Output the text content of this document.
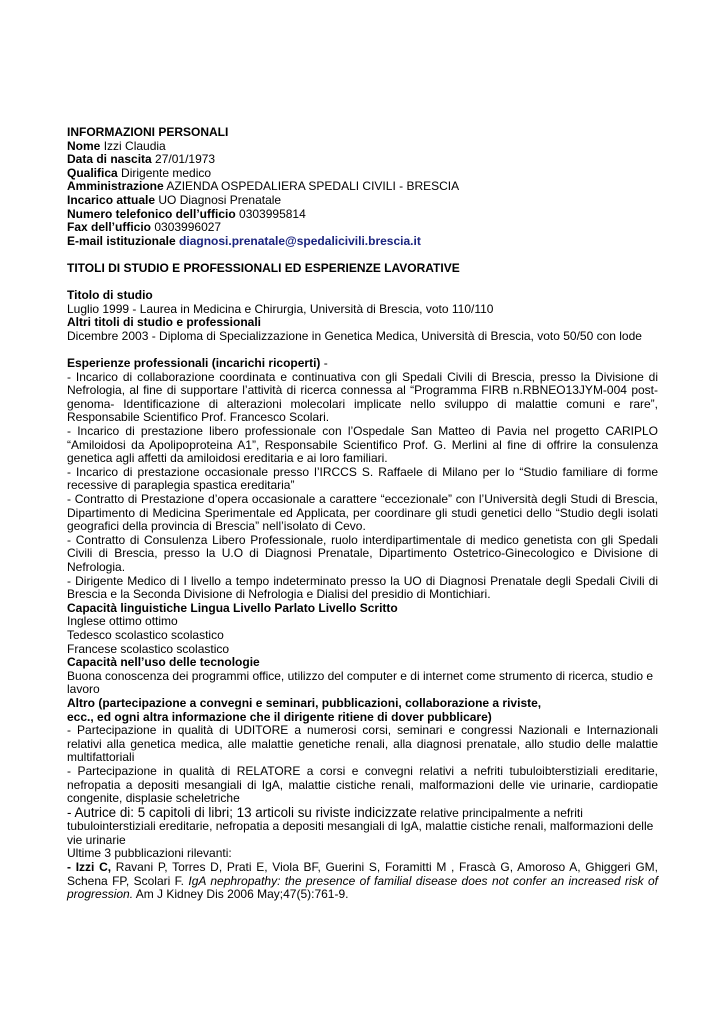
INFORMAZIONI PERSONALI

Nome Izzi Claudia

Data di nascita 27/01/1973

Qualifica Dirigente medico

Amministrazione AZIENDA OSPEDALIERA SPEDALI CIVILI - BRESCIA

Incarico attuale UO Diagnosi Prenatale

Numero telefonico dell’ufficio 0303995814

Fax dell’ufficio 0303996027

E-mail istituzionale diagnosi.prenatale@spedalicivili.brescia.it

TITOLI DI STUDIO E PROFESSIONALI ED ESPERIENZE LAVORATIVE

Titolo di studio

Luglio 1999 - Laurea in Medicina e Chirurgia, Università di Brescia, voto 110/110

Altri titoli di studio e professionali

Dicembre 2003 - Diploma di Specializzazione in Genetica Medica, Università di Brescia, voto 50/50 con lode

Esperienze professionali (incarichi ricoperti) -

- Incarico di collaborazione coordinata e continuativa con gli Spedali Civili di Brescia, presso la Divisione di Nefrologia, al fine di supportare l’attività di ricerca connessa al “Programma FIRB n.RBNEO13JYM-004 post-genoma- Identificazione di alterazioni molecolari implicate nello sviluppo di malattie comuni e rare”, Responsabile Scientifico Prof. Francesco Scolari.

- Incarico di prestazione libero professionale con l’Ospedale San Matteo di Pavia nel progetto CARIPLO “Amiloidosi da Apolipoproteina A1”, Responsabile Scientifico Prof. G. Merlini al fine di offrire la consulenza genetica agli affetti da amiloidosi ereditaria e ai loro familiari.

- Incarico di prestazione occasionale presso l’IRCCS S. Raffaele di Milano per lo “Studio familiare di forme recessive di paraplegia spastica ereditaria”

- Contratto di Prestazione d’opera occasionale a carattere “eccezionale” con l’Università degli Studi di Brescia, Dipartimento di Medicina Sperimentale ed Applicata, per coordinare gli studi genetici dello “Studio degli isolati geografici della provincia di Brescia” nell’isolato di Cevo.

- Contratto di Consulenza Libero Professionale, ruolo interdipartimentale di medico genetista con gli Spedali Civili di Brescia, presso la U.O di Diagnosi Prenatale, Dipartimento Ostetrico-Ginecologico e Divisione di Nefrologia.

- Dirigente Medico di I livello a tempo indeterminato presso la UO di Diagnosi Prenatale degli Spedali Civili di Brescia e la Seconda Divisione di Nefrologia e Dialisi del presidio di Montichiari.

Capacità linguistiche Lingua Livello Parlato Livello Scritto

Inglese ottimo ottimo

Tedesco scolastico scolastico

Francese scolastico scolastico

Capacità nell’uso delle tecnologie

Buona conoscenza dei programmi office, utilizzo del computer e di internet come strumento di ricerca, studio e lavoro

Altro (partecipazione a convegni e seminari, pubblicazioni, collaborazione a riviste,

ecc., ed ogni altra informazione che il dirigente ritiene di dover pubblicare)

- Partecipazione in qualità di UDITORE a numerosi corsi, seminari e congressi Nazionali e Internazionali relativi alla genetica medica, alle malattie genetiche renali, alla diagnosi prenatale, allo studio delle malattie multifattoriali

- Partecipazione in qualità di RELATORE a corsi e convegni relativi a nefriti tubuloibterstiziali ereditarie, nefropatia a depositi mesangiali di IgA, malattie cistiche renali, malformazioni delle vie urinarie, cardiopatie congenite, displasie scheletriche

- Autrice di: 5 capitoli di libri; 13 articoli su riviste indicizzate relative principalmente a nefriti tubulointerstiziali ereditarie, nefropatia a depositi mesangiali di IgA, malattie cistiche renali, malformazioni delle vie urinarie

Ultime 3 pubblicazioni rilevanti:

- Izzi C, Ravani P, Torres D, Prati E, Viola BF, Guerini S, Foramitti M , Frascà G, Amoroso A, Ghiggeri GM, Schena FP, Scolari F. IgA nephropathy: the presence of familial disease does not confer an increased risk of progression. Am J Kidney Dis 2006 May;47(5):761-9.
